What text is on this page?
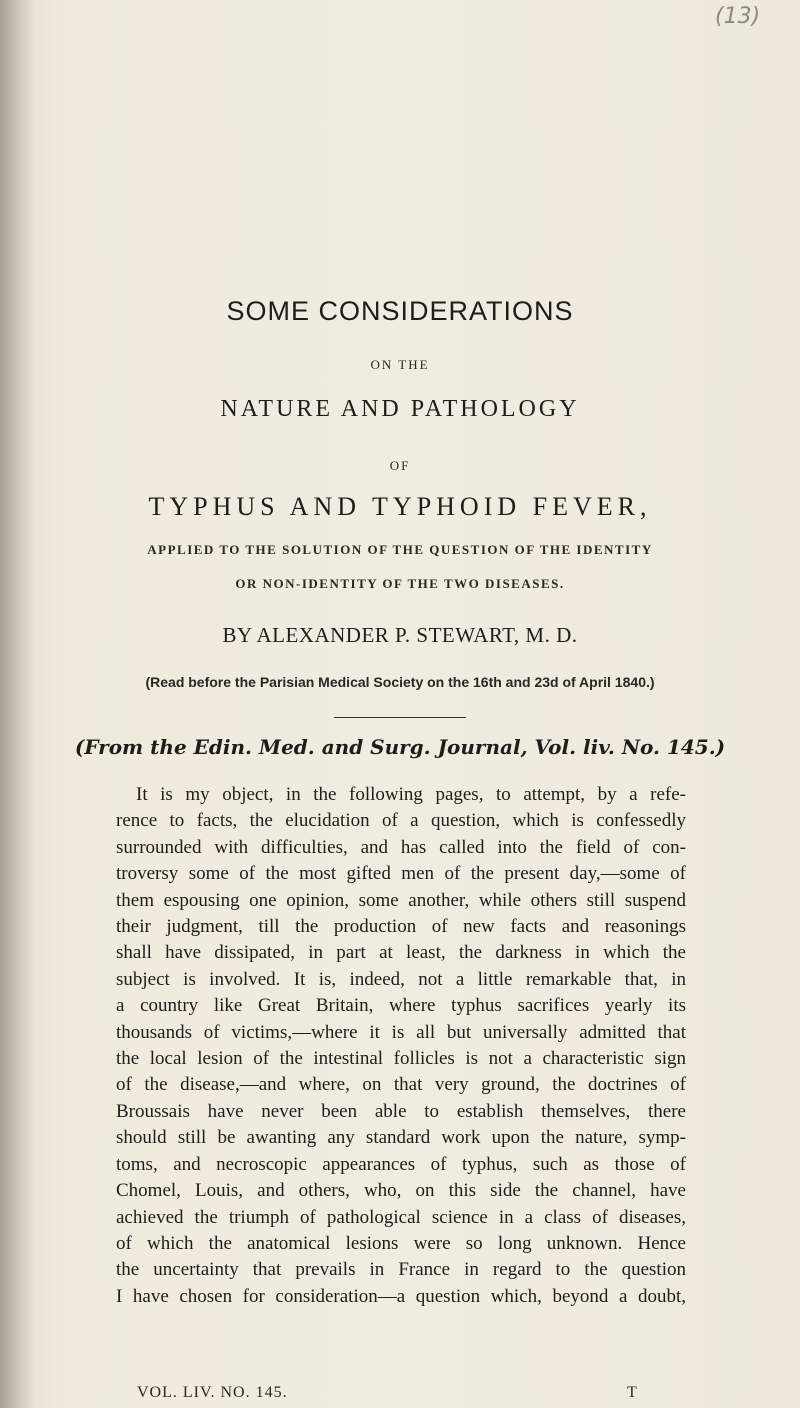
(13)
SOME CONSIDERATIONS
ON THE
NATURE AND PATHOLOGY
OF
TYPHUS AND TYPHOID FEVER,
APPLIED TO THE SOLUTION OF THE QUESTION OF THE IDENTITY
OR NON-IDENTITY OF THE TWO DISEASES.
BY ALEXANDER P. STEWART, M. D.
(Read before the Parisian Medical Society on the 16th and 23d of April 1840.)
(From the Edin. Med. and Surg. Journal, Vol. liv. No. 145.)
It is my object, in the following pages, to attempt, by a refe-
rence to facts, the elucidation of a question, which is confessedly
surrounded with difficulties, and has called into the field of con-
troversy some of the most gifted men of the present day,—some of
them espousing one opinion, some another, while others still suspend
their judgment, till the production of new facts and reasonings
shall have dissipated, in part at least, the darkness in which the
subject is involved. It is, indeed, not a little remarkable that, in
a country like Great Britain, where typhus sacrifices yearly its
thousands of victims,—where it is all but universally admitted that
the local lesion of the intestinal follicles is not a characteristic sign
of the disease,—and where, on that very ground, the doctrines of
Broussais have never been able to establish themselves, there
should still be awanting any standard work upon the nature, symp-
toms, and necroscopic appearances of typhus, such as those of
Chomel, Louis, and others, who, on this side the channel, have
achieved the triumph of pathological science in a class of diseases,
of which the anatomical lesions were so long unknown. Hence
the uncertainty that prevails in France in regard to the question
I have chosen for consideration—a question which, beyond a doubt,
VOL. LIV. NO. 145.	T
